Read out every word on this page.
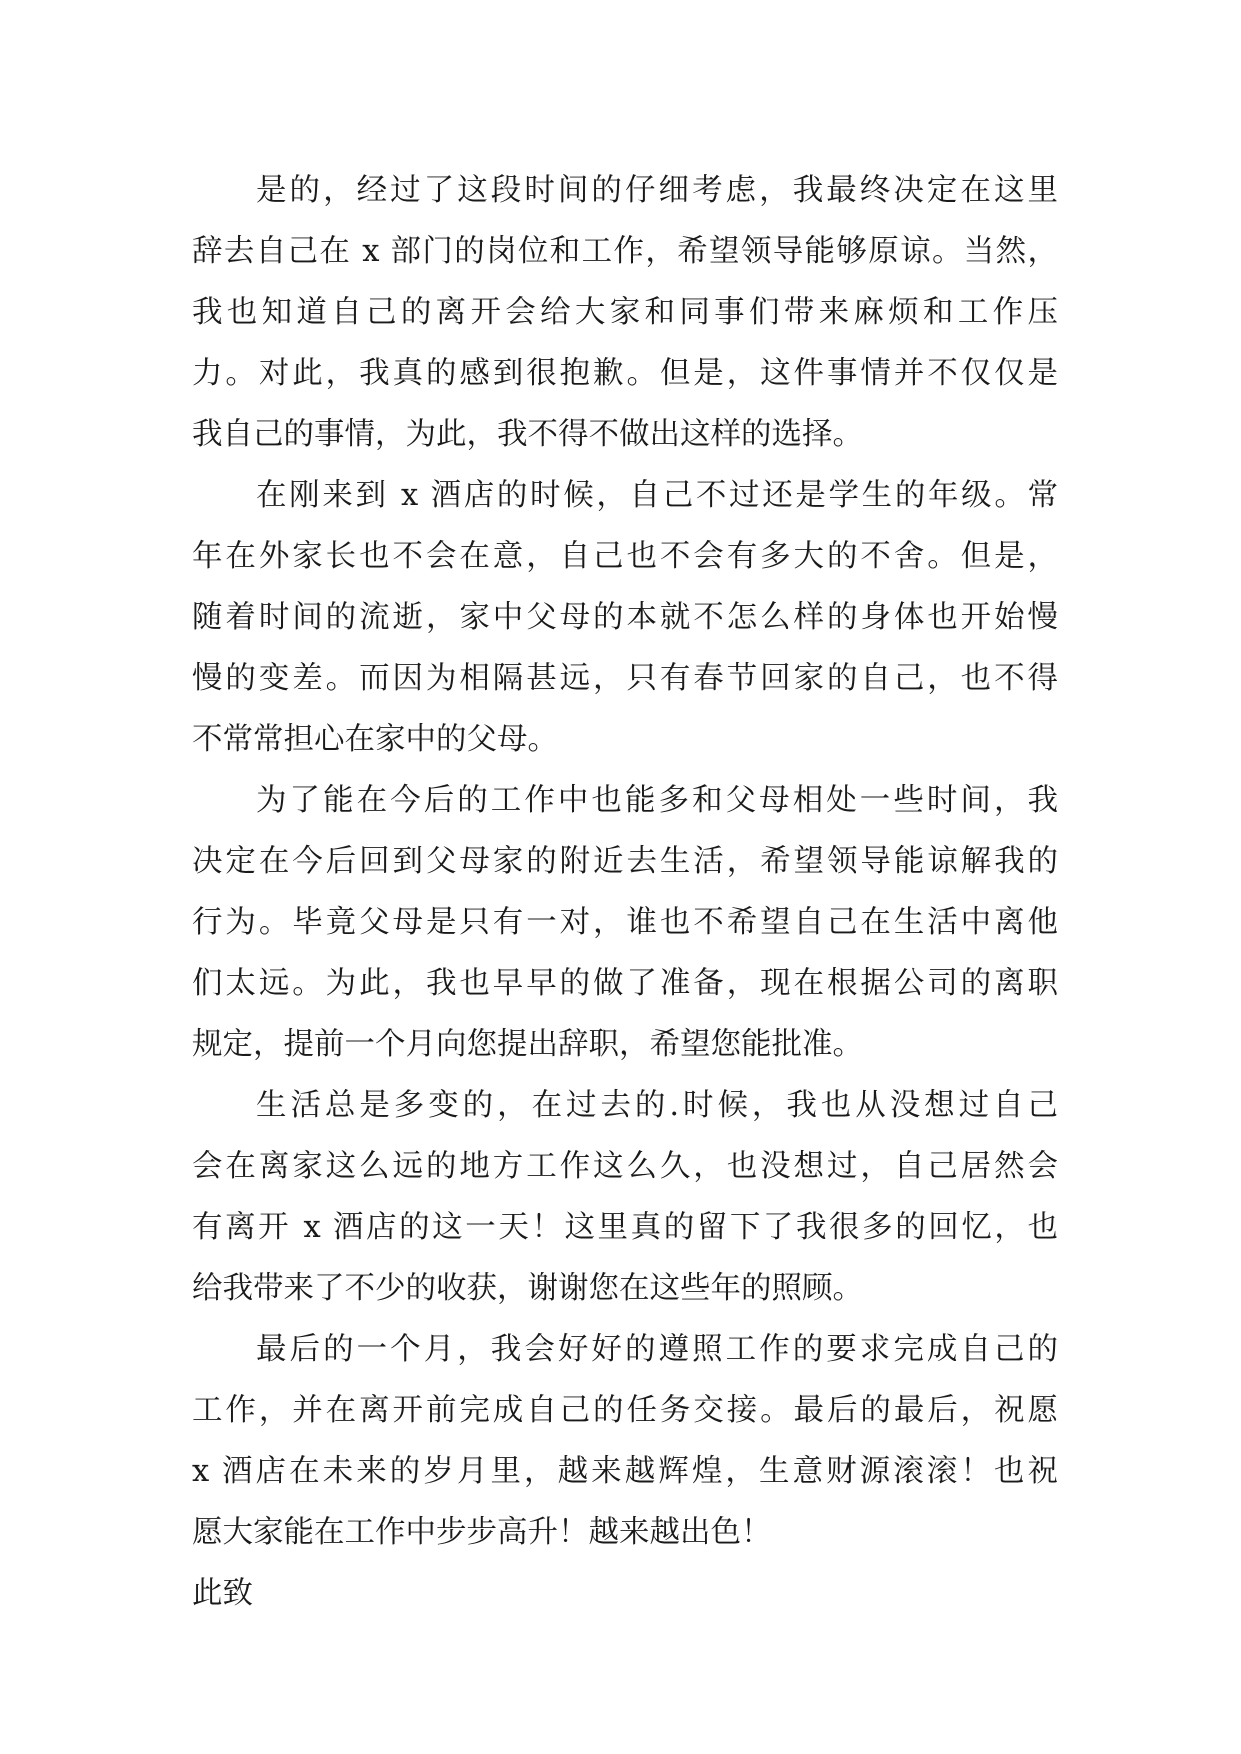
是的，经过了这段时间的仔细考虑，我最终决定在这里
辞去自己在 x 部门的岗位和工作，希望领导能够原谅。当然，
我也知道自己的离开会给大家和同事们带来麻烦和工作压
力。对此，我真的感到很抱歉。但是，这件事情并不仅仅是
我自己的事情，为此，我不得不做出这样的选择。
在刚来到 x 酒店的时候，自己不过还是学生的年级。常
年在外家长也不会在意，自己也不会有多大的不舍。但是，
随着时间的流逝，家中父母的本就不怎么样的身体也开始慢
慢的变差。而因为相隔甚远，只有春节回家的自己，也不得
不常常担心在家中的父母。
为了能在今后的工作中也能多和父母相处一些时间，我
决定在今后回到父母家的附近去生活，希望领导能谅解我的
行为。毕竟父母是只有一对，谁也不希望自己在生活中离他
们太远。为此，我也早早的做了准备，现在根据公司的离职
规定，提前一个月向您提出辞职，希望您能批准。
生活总是多变的，在过去的.时候，我也从没想过自己
会在离家这么远的地方工作这么久，也没想过，自己居然会
有离开 x 酒店的这一天！这里真的留下了我很多的回忆，也
给我带来了不少的收获，谢谢您在这些年的照顾。
最后的一个月，我会好好的遵照工作的要求完成自己的
工作，并在离开前完成自己的任务交接。最后的最后，祝愿
x 酒店在未来的岁月里，越来越辉煌，生意财源滚滚！也祝
愿大家能在工作中步步高升！越来越出色！
此致
